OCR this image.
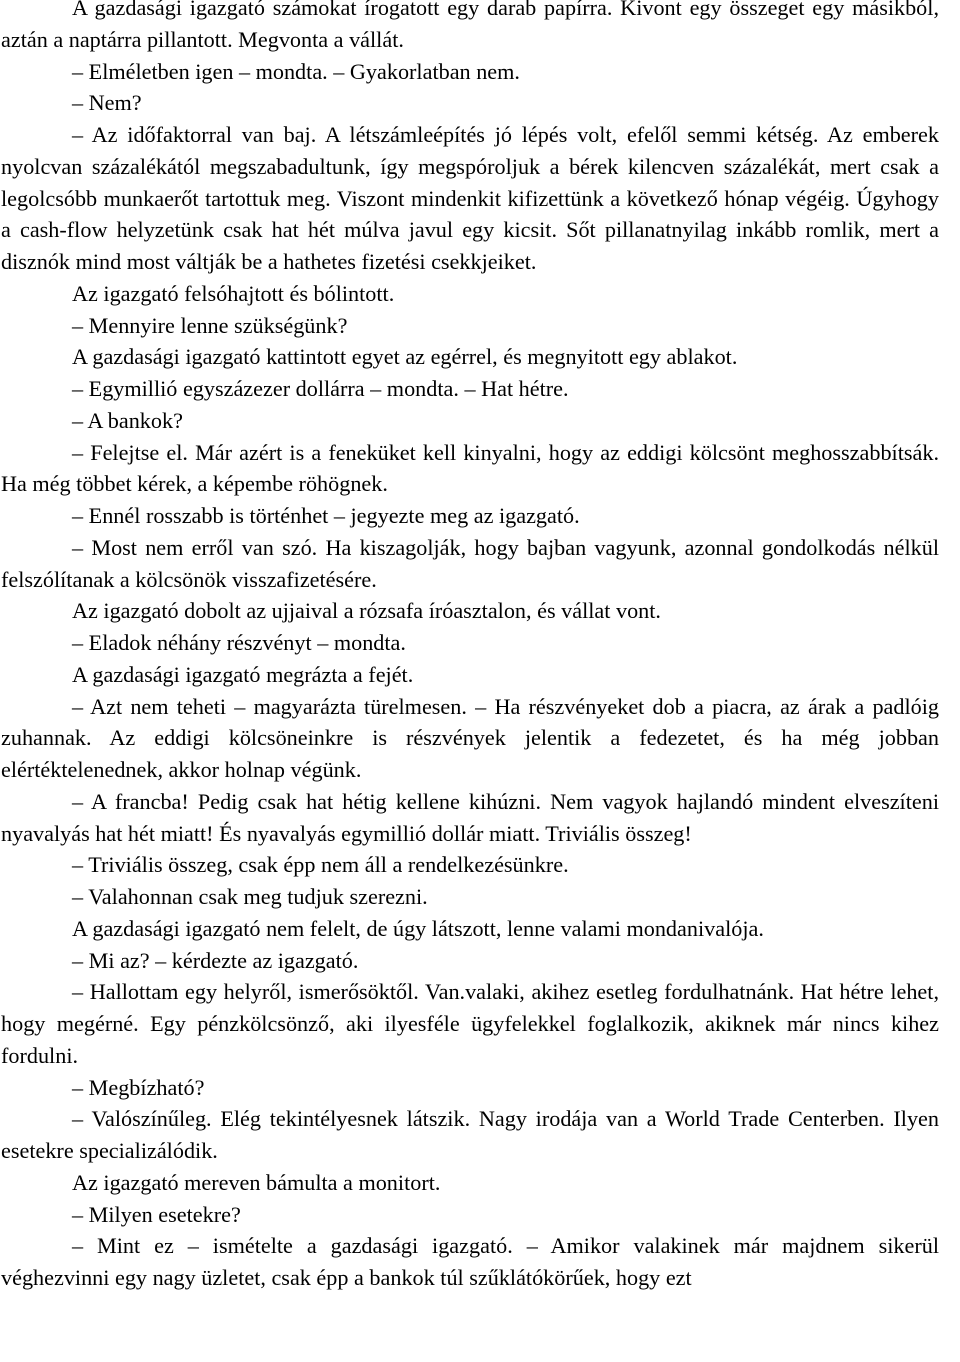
A gazdasági igazgató számokat írogatott egy darab papírra. Kivont egy összeget egy másikból, aztán a naptárra pillantott. Megvonta a vállát.

– Elméletben igen – mondta. – Gyakorlatban nem.

– Nem?

– Az időfaktorral van baj. A létszámleépítés jó lépés volt, efelől semmi kétség. Az emberek nyolcvan százalékától megszabadultunk, így megspóroljuk a bérek kilencven százalékát, mert csak a legolcsóbb munkaerőt tartottuk meg. Viszont mindenkit kifizettünk a következő hónap végéig. Úgyhogy a cash-flow helyzetünk csak hat hét múlva javul egy kicsit. Sőt pillanatnyilag inkább romlik, mert a disznók mind most váltják be a hathetes fizetési csekkjeiket.

Az igazgató felsóhajtott és bólintott.

– Mennyire lenne szükségünk?

A gazdasági igazgató kattintott egyet az egérrel, és megnyitott egy ablakot.

– Egymillió egyszázezer dollárra – mondta. – Hat hétre.

– A bankok?

– Felejtse el. Már azért is a feneküket kell kinyalni, hogy az eddigi kölcsönt meghosszabbítsák. Ha még többet kérek, a képembe röhögnek.

– Ennél rosszabb is történhet – jegyezte meg az igazgató.

– Most nem erről van szó. Ha kiszagolják, hogy bajban vagyunk, azonnal gondolkodás nélkül felszólítanak a kölcsönök visszafizetésére.

Az igazgató dobolt az ujjaival a rózsafa íróasztalon, és vállat vont.

– Eladok néhány részvényt – mondta.

A gazdasági igazgató megrázta a fejét.

– Azt nem teheti – magyarázta türelmesen. – Ha részvényeket dob a piacra, az árak a padlóig zuhannak. Az eddigi kölcsöneinkre is részvények jelentik a fedezetet, és ha még jobban elértéktelenednek, akkor holnap végünk.

– A francba! Pedig csak hat hétig kellene kihúzni. Nem vagyok hajlandó mindent elveszíteni nyavalyás hat hét miatt! És nyavalyás egymillió dollár miatt. Triviális összeg!

– Triviális összeg, csak épp nem áll a rendelkezésünkre.

– Valahonnan csak meg tudjuk szerezni.

A gazdasági igazgató nem felelt, de úgy látszott, lenne valami mondanivalója.

– Mi az? – kérdezte az igazgató.

– Hallottam egy helyről, ismerősöktől. Van.valaki, akihez esetleg fordulhatnánk. Hat hétre lehet, hogy megérné. Egy pénzkölcsönző, aki ilyesféle ügyfelekkel foglalkozik, akiknek már nincs kihez fordulni.

– Megbízható?

– Valószínűleg. Elég tekintélyesnek látszik. Nagy irodája van a World Trade Centerben. Ilyen esetekre specializálódik.

Az igazgató mereven bámulta a monitort.

– Milyen esetekre?

– Mint ez – ismételte a gazdasági igazgató. – Amikor valakinek már majdnem sikerül véghezvinni egy nagy üzletet, csak épp a bankok túl szűklátókörűek, hogy ezt
